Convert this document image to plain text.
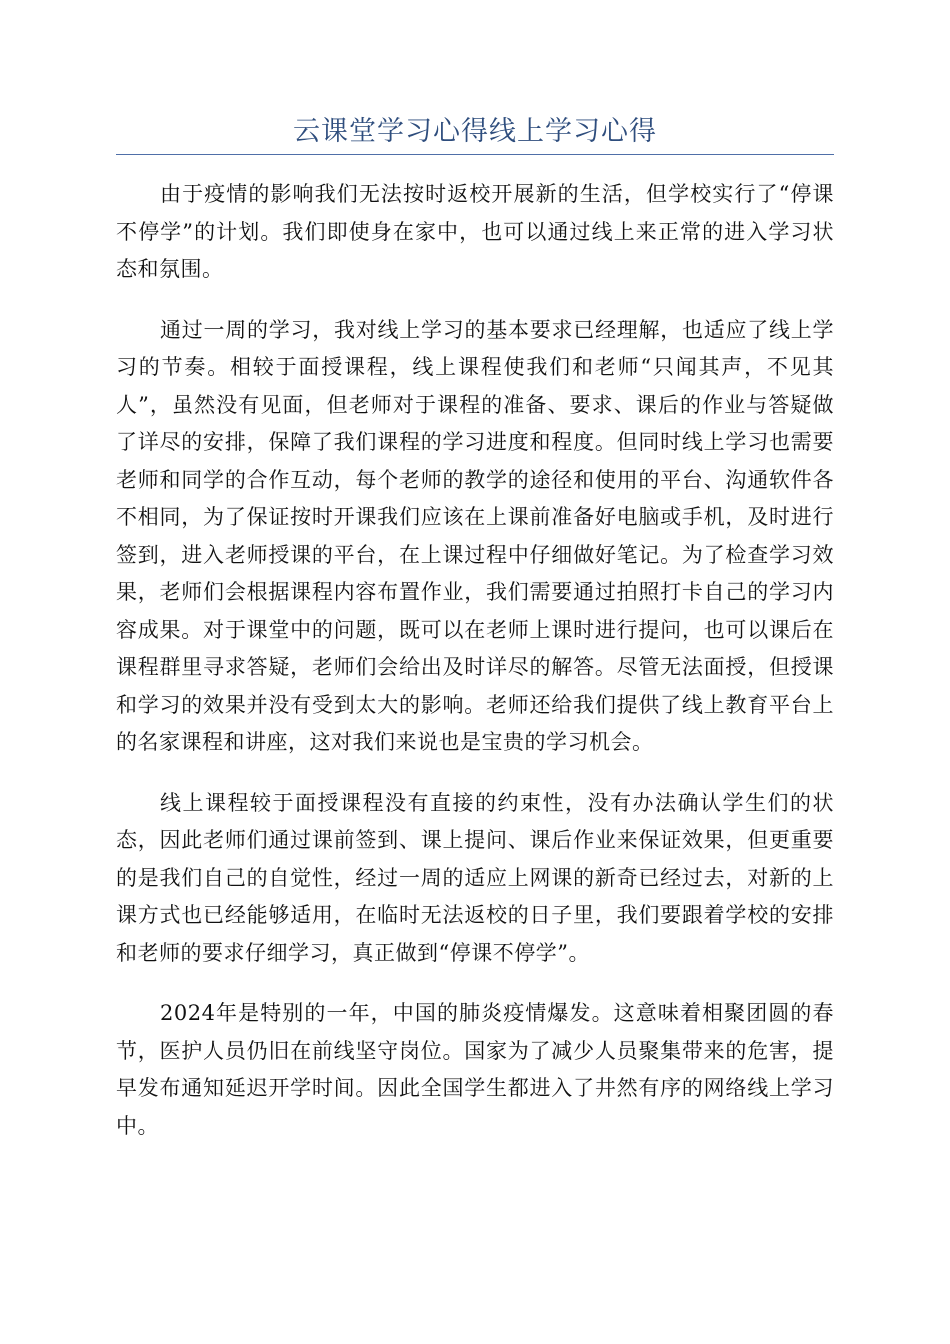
云课堂学习心得线上学习心得

由于疫情的影响我们无法按时返校开展新的生活，但学校实行了“停课不停学”的计划。我们即使身在家中，也可以通过线上来正常的进入学习状态和氛围。

通过一周的学习，我对线上学习的基本要求已经理解，也适应了线上学习的节奏。相较于面授课程，线上课程使我们和老师“只闻其声，不见其人”，虽然没有见面，但老师对于课程的准备、要求、课后的作业与答疑做了详尽的安排，保障了我们课程的学习进度和程度。但同时线上学习也需要老师和同学的合作互动，每个老师的教学的途径和使用的平台、沟通软件各不相同，为了保证按时开课我们应该在上课前准备好电脑或手机，及时进行签到，进入老师授课的平台，在上课过程中仔细做好笔记。为了检查学习效果，老师们会根据课程内容布置作业，我们需要通过拍照打卡自己的学习内容成果。对于课堂中的问题，既可以在老师上课时进行提问，也可以课后在课程群里寻求答疑，老师们会给出及时详尽的解答。尽管无法面授，但授课和学习的效果并没有受到太大的影响。老师还给我们提供了线上教育平台上的名家课程和讲座，这对我们来说也是宝贵的学习机会。

线上课程较于面授课程没有直接的约束性，没有办法确认学生们的状态，因此老师们通过课前签到、课上提问、课后作业来保证效果，但更重要的是我们自己的自觉性，经过一周的适应上网课的新奇已经过去，对新的上课方式也已经能够适用，在临时无法返校的日子里，我们要跟着学校的安排和老师的要求仔细学习，真正做到“停课不停学”。

2024年是特别的一年，中国的肺炎疫情爆发。这意味着相聚团圆的春节，医护人员仍旧在前线坚守岗位。国家为了减少人员聚集带来的危害，提早发布通知延迟开学时间。因此全国学生都进入了井然有序的网络线上学习中。
